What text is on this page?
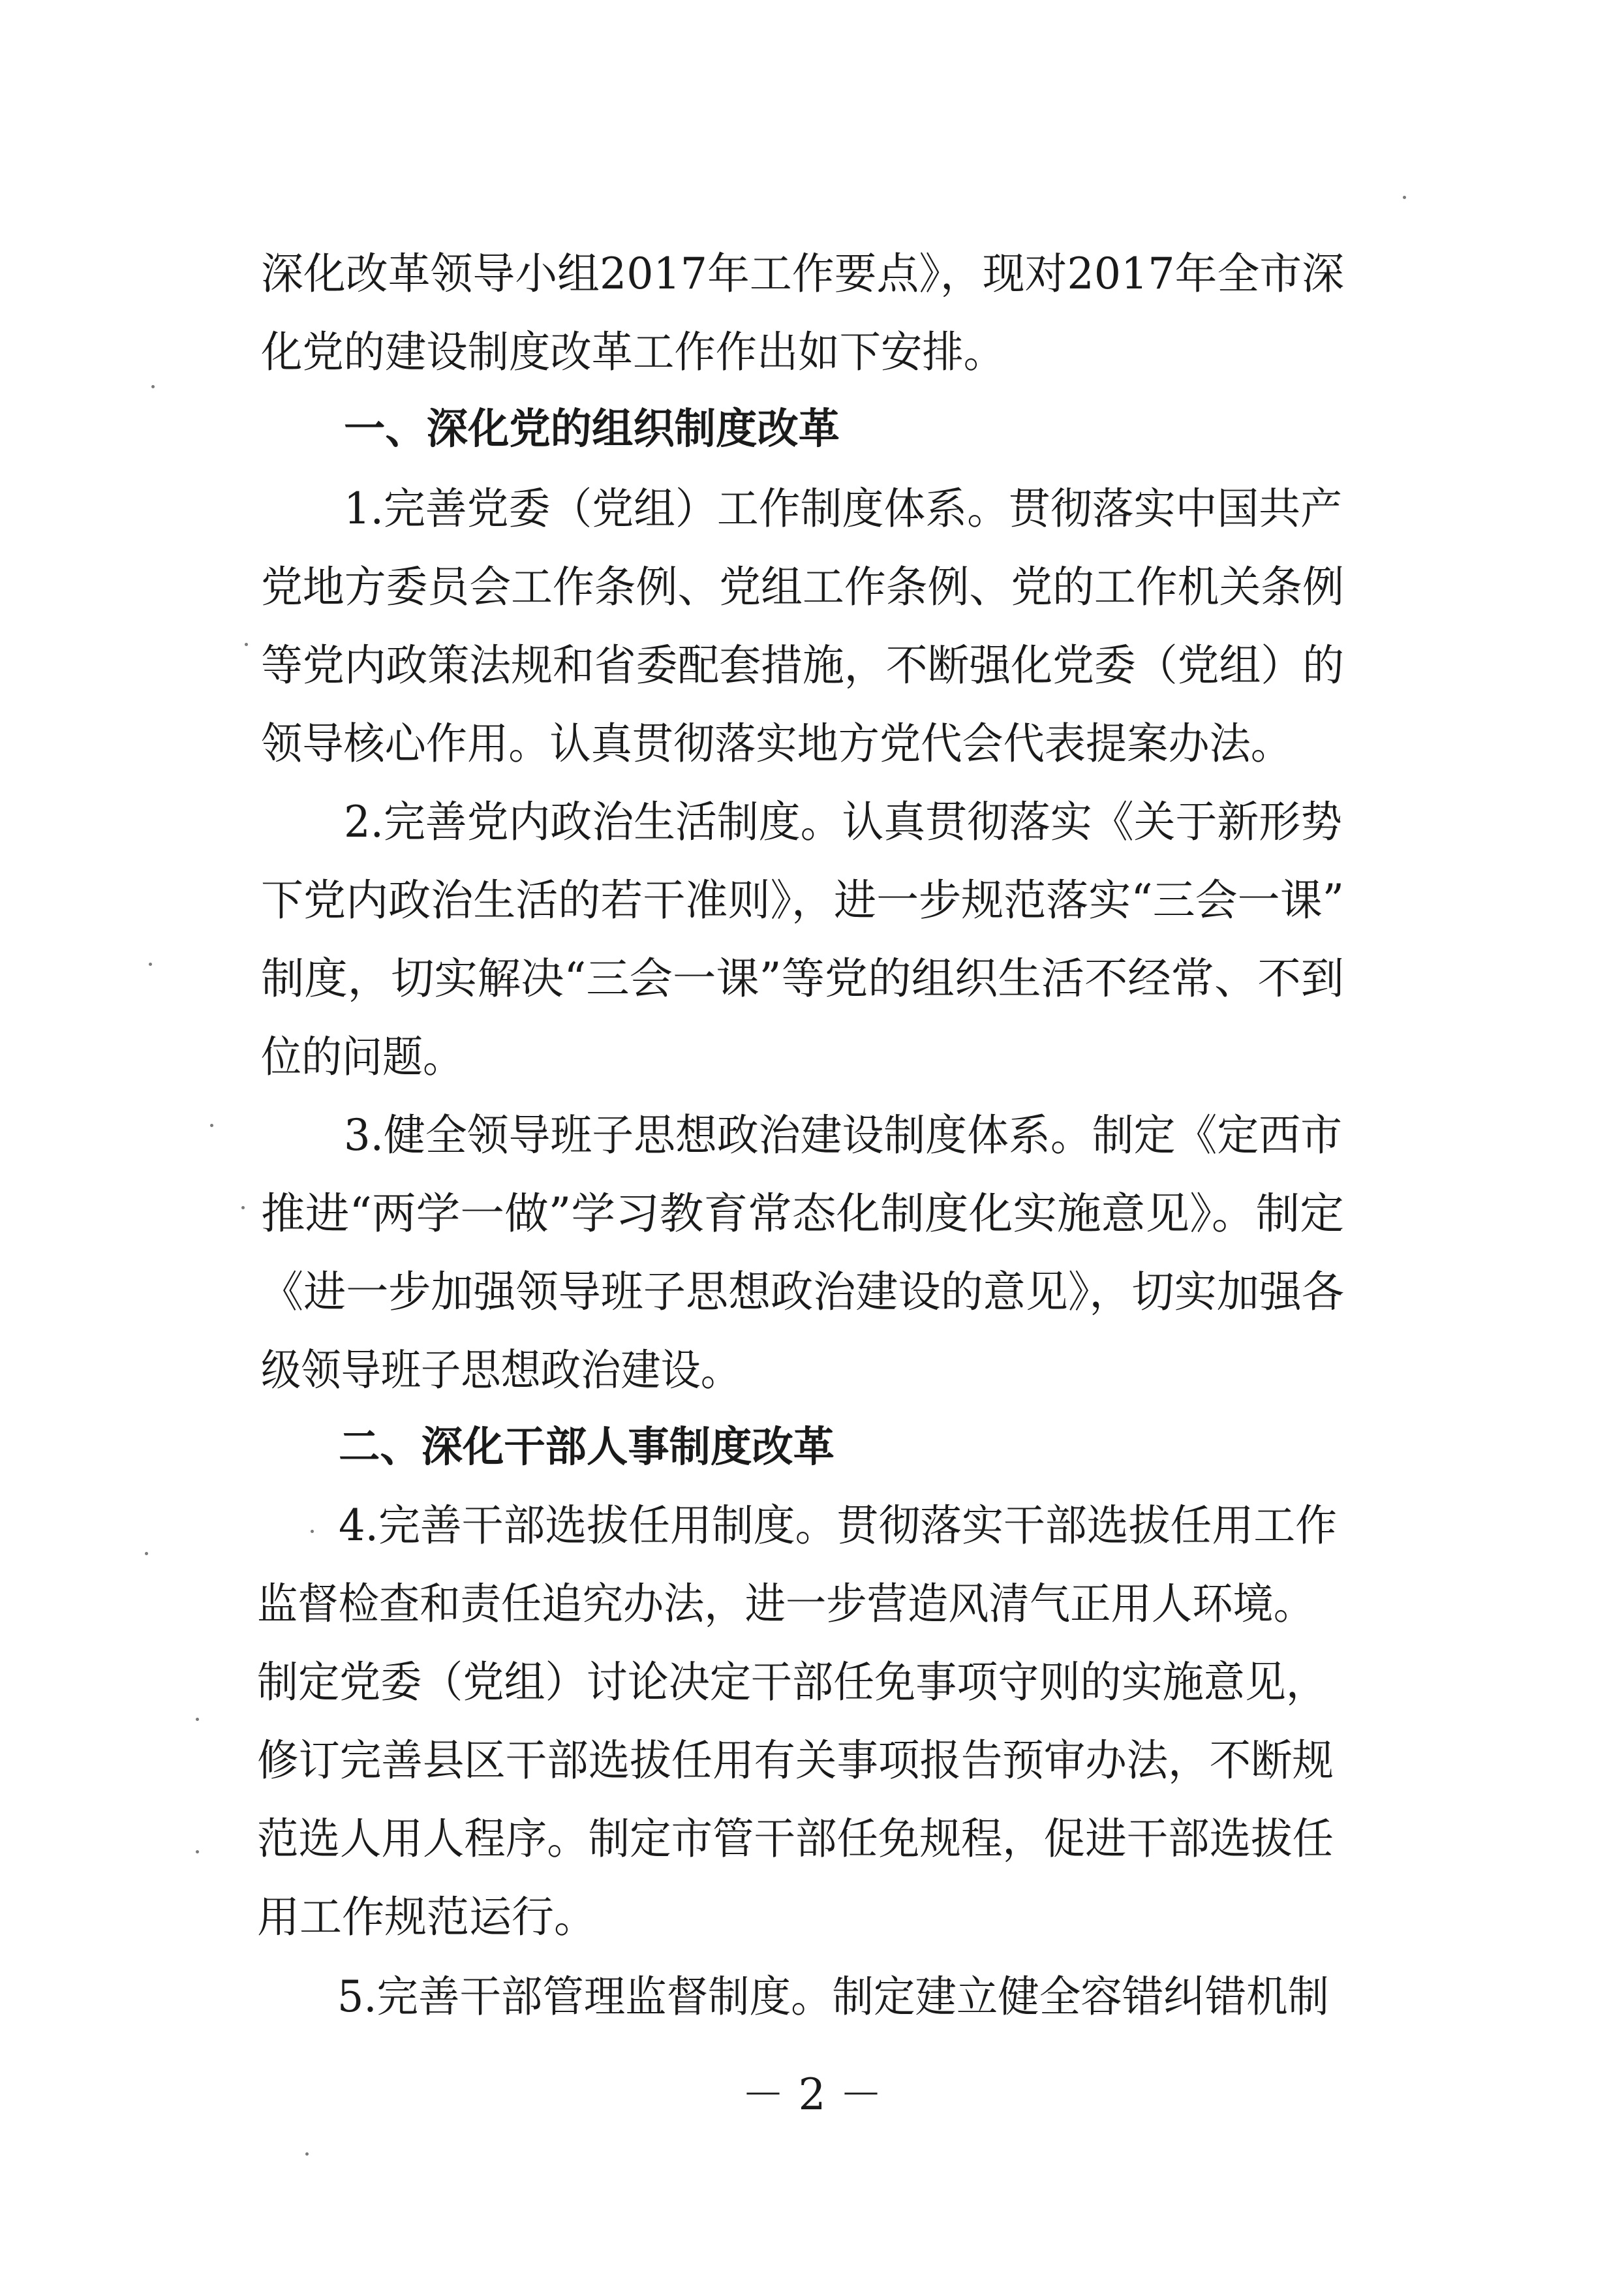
深化改革领导小组2017年工作要点》，现对2017年全市深
化党的建设制度改革工作作出如下安排。
一、深化党的组织制度改革
1.完善党委（党组）工作制度体系。贯彻落实中国共产
党地方委员会工作条例、党组工作条例、党的工作机关条例
等党内政策法规和省委配套措施，不断强化党委（党组）的
领导核心作用。认真贯彻落实地方党代会代表提案办法。
2.完善党内政治生活制度。认真贯彻落实《关于新形势
下党内政治生活的若干准则》，进一步规范落实“三会一课”
制度，切实解决“三会一课”等党的组织生活不经常、不到
位的问题。
3.健全领导班子思想政治建设制度体系。制定《定西市
推进“两学一做”学习教育常态化制度化实施意见》。制定
《进一步加强领导班子思想政治建设的意见》，切实加强各
级领导班子思想政治建设。
二、深化干部人事制度改革
4.完善干部选拔任用制度。贯彻落实干部选拔任用工作
监督检查和责任追究办法，进一步营造风清气正用人环境。
制定党委（党组）讨论决定干部任免事项守则的实施意见，
修订完善县区干部选拔任用有关事项报告预审办法，不断规
范选人用人程序。制定市管干部任免规程，促进干部选拔任
用工作规范运行。
5.完善干部管理监督制度。制定建立健全容错纠错机制
－ 2 －
